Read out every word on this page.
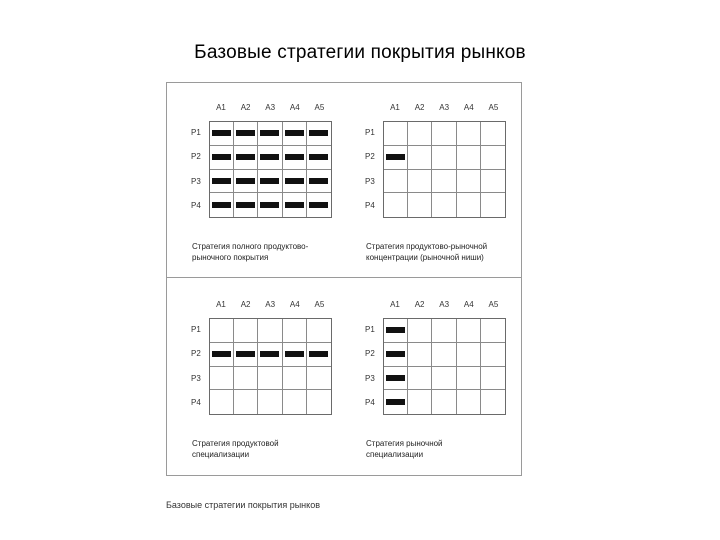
Базовые стратегии покрытия рынков
A1	A2	A3	A4	A5
P1
P2
P3
P4
Стратегия полного продуктово-
рыночного покрытия
A1	A2	A3	A4	A5
P1
P2
P3
P4
Стратегия продуктово-рыночной
концентрации (рыночной ниши)
A1	A2	A3	A4	A5
P1
P2
P3
P4
Стратегия продуктовой
специализации
A1	A2	A3	A4	A5
P1
P2
P3
P4
Стратегия рыночной
специализации
Базовые стратегии покрытия рынков
